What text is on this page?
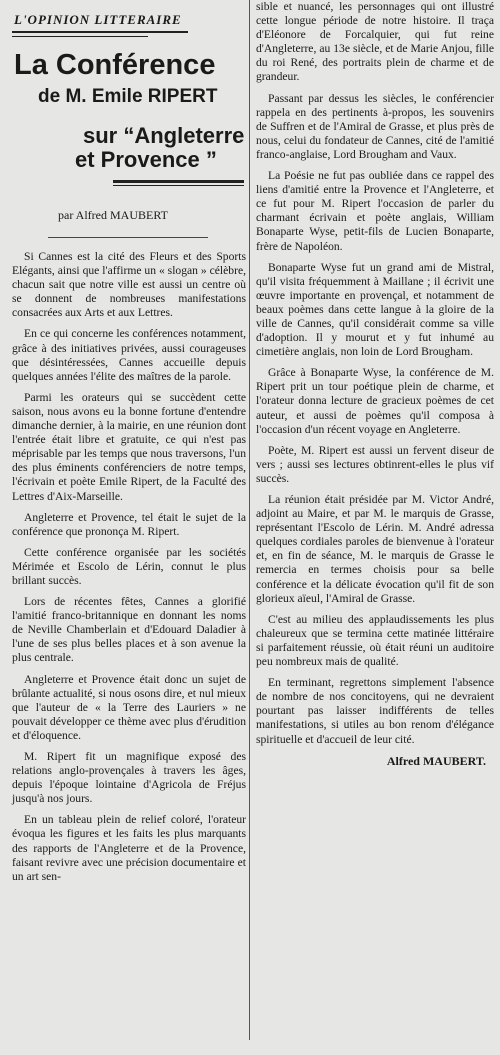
L'OPINION LITTERAIRE
La Conférence
de M. Emile RIPERT
sur “Angleterre
et Provence ”
par Alfred MAUBERT

Si Cannes est la cité des Fleurs et des Sports Elégants, ainsi que l'affirme un « slogan » célèbre, chacun sait que notre ville est aussi un centre où se donnent de nombreuses manifestations consacrées aux Arts et aux Lettres.

En ce qui concerne les conférences notamment, grâce à des initiatives privées, aussi courageuses que désintéressées, Cannes accueille depuis quelques années l'élite des maîtres de la parole.

Parmi les orateurs qui se succèdent cette saison, nous avons eu la bonne fortune d'entendre dimanche dernier, à la mairie, en une réunion dont l'entrée était libre et gratuite, ce qui n'est pas méprisable par les temps que nous traversons, l'un des plus éminents conférenciers de notre temps, l'écrivain et poète Emile Ripert, de la Faculté des Lettres d'Aix-Marseille.

Angleterre et Provence, tel était le sujet de la conférence que prononça M. Ripert.

Cette conférence organisée par les sociétés Mérimée et Escolo de Lérin, connut le plus brillant succès.

Lors de récentes fêtes, Cannes a glorifié l'amitié franco-britannique en donnant les noms de Neville Chamberlain et d'Edouard Daladier à l'une de ses plus belles places et à son avenue la plus centrale.

Angleterre et Provence était donc un sujet de brûlante actualité, si nous osons dire, et nul mieux que l'auteur de « la Terre des Lauriers » ne pouvait développer ce thème avec plus d'érudition et d'éloquence.

M. Ripert fit un magnifique exposé des relations anglo-provençales à travers les âges, depuis l'époque lointaine d'Agricola de Fréjus jusqu'à nos jours.

En un tableau plein de relief coloré, l'orateur évoqua les figures et les faits les plus marquants des rapports de l'Angleterre et de la Provence, faisant revivre avec une précision documentaire et un art sen-

sible et nuancé, les personnages qui ont illustré cette longue période de notre histoire. Il traça d'Eléonore de Forcalquier, qui fut reine d'Angleterre, au 13e siècle, et de Marie Anjou, fille du roi René, des portraits plein de charme et de grandeur.

Passant par dessus les siècles, le conférencier rappela en des pertinents à-propos, les souvenirs de Suffren et de l'Amiral de Grasse, et plus près de nous, celui du fondateur de Cannes, cité de l'amitié franco-anglaise, Lord Brougham and Vaux.

La Poésie ne fut pas oubliée dans ce rappel des liens d'amitié entre la Provence et l'Angleterre, et ce fut pour M. Ripert l'occasion de parler du charmant écrivain et poète anglais, William Bonaparte Wyse, petit-fils de Lucien Bonaparte, frère de Napoléon.

Bonaparte Wyse fut un grand ami de Mistral, qu'il visita fréquemment à Maillane ; il écrivit une œuvre importante en provençal, et notamment de beaux poèmes dans cette langue à la gloire de la ville de Cannes, qu'il considérait comme sa ville d'adoption. Il y mourut et y fut inhumé au cimetière anglais, non loin de Lord Brougham.

Grâce à Bonaparte Wyse, la conférence de M. Ripert prit un tour poétique plein de charme, et l'orateur donna lecture de gracieux poèmes de cet auteur, et aussi de poèmes qu'il composa à l'occasion d'un récent voyage en Angleterre.

Poète, M. Ripert est aussi un fervent diseur de vers ; aussi ses lectures obtinrent-elles le plus vif succès.

La réunion était présidée par M. Victor André, adjoint au Maire, et par M. le marquis de Grasse, représentant l'Escolo de Lérin. M. André adressa quelques cordiales paroles de bienvenue à l'orateur et, en fin de séance, M. le marquis de Grasse le remercia en termes choisis pour sa belle conférence et la délicate évocation qu'il fit de son glorieux aïeul, l'Amiral de Grasse.

C'est au milieu des applaudissements les plus chaleureux que se termina cette matinée littéraire si parfaitement réussie, où était réuni un auditoire peu nombreux mais de qualité.

En terminant, regrettons simplement l'absence de nombre de nos concitoyens, qui ne devraient pourtant pas laisser indifférents de telles manifestations, si utiles au bon renom d'élégance spirituelle et d'accueil de leur cité.

Alfred MAUBERT.
